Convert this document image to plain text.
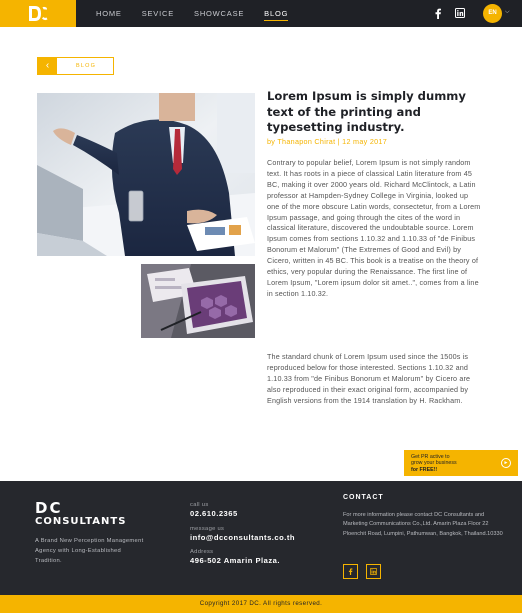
HOME	SEVICE	SHOWCASE	BLOG	EN	⌵
‹	BLOG
Lorem Ipsum is simply dummy text of the printing and typesetting industry.
by Thanapon Chirat | 12 may 2017

Contrary to popular belief, Lorem Ipsum is not simply random text. It has roots in a piece of classical Latin literature from 45 BC, making it over 2000 years old. Richard McClintock, a Latin professor at Hampden-Sydney College in Virginia, looked up one of the more obscure Latin words, consectetur, from a Lorem Ipsum passage, and going through the cites of the word in classical literature, discovered the undoubtable source. Lorem Ipsum comes from sections 1.10.32 and 1.10.33 of "de Finibus Bonorum et Malorum" (The Extremes of Good and Evil) by Cicero, written in 45 BC. This book is a treatise on the theory of ethics, very popular during the Renaissance. The first line of Lorem Ipsum, "Lorem ipsum dolor sit amet..", comes from a line in section 1.10.32.

The standard chunk of Lorem Ipsum used since the 1500s is reproduced below for those interested. Sections 1.10.32 and 1.10.33 from "de Finibus Bonorum et Malorum" by Cicero are also reproduced in their exact original form, accompanied by English versions from the 1914 translation by H. Rackham.

Get PR active to
grow your business
for FREE!!
►
DC
CONSULTANTS
A Brand New Perception Management Agency with Long-Established Tradition.
call us
02.610.2365
message us
info@dcconsultants.co.th
Address
496-502 Amarin Plaza.
CONTACT
For more information please contact DC Consultants and Marketing Communications Co.,Ltd. Amarin Plaza Floor 22 Ploenchit Road, Lumpini, Pathumwan, Bangkok, Thailand.10330
Copyright 2017 DC. All rights reserved.
